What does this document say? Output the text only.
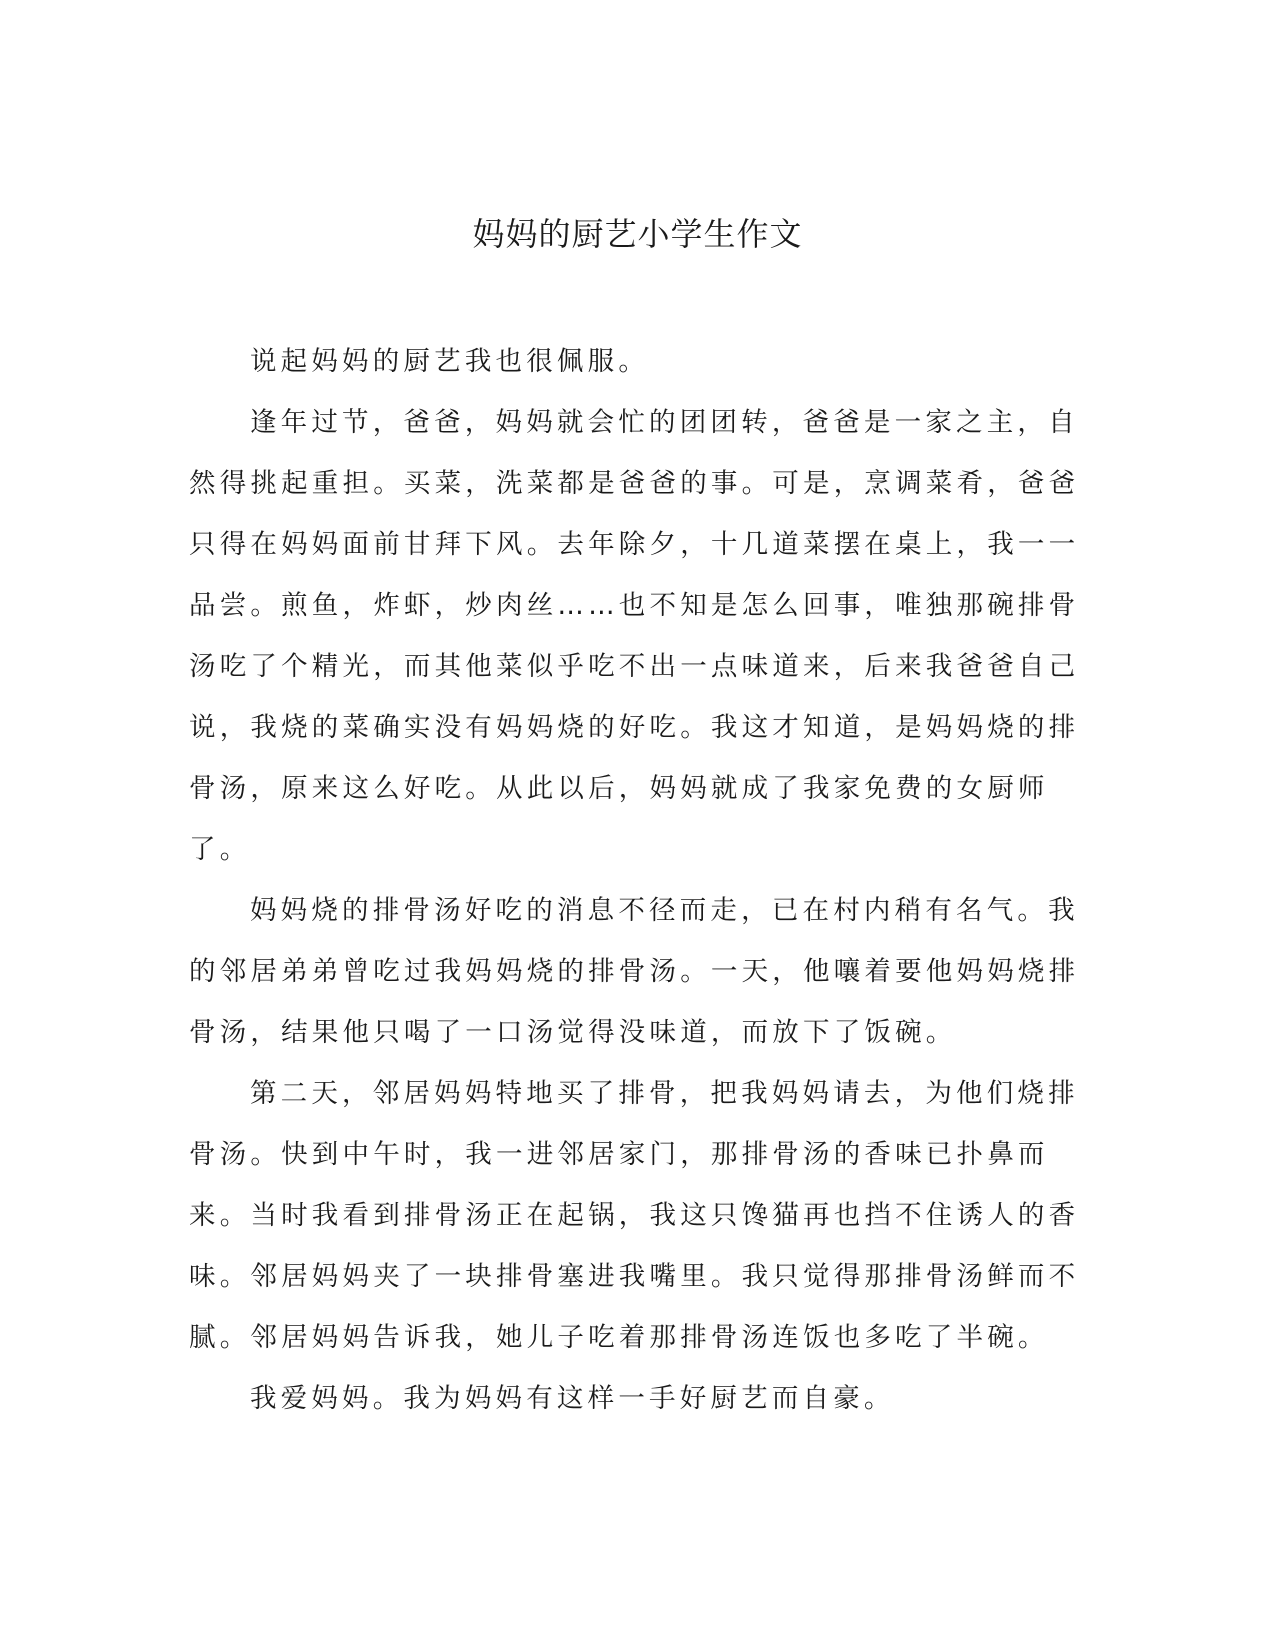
妈妈的厨艺小学生作文

说起妈妈的厨艺我也很佩服。

逢年过节，爸爸，妈妈就会忙的团团转，爸爸是一家之主，自然得挑起重担。买菜，洗菜都是爸爸的事。可是，烹调菜肴，爸爸只得在妈妈面前甘拜下风。去年除夕，十几道菜摆在桌上，我一一品尝。煎鱼，炸虾，炒肉丝……也不知是怎么回事，唯独那碗排骨汤吃了个精光，而其他菜似乎吃不出一点味道来，后来我爸爸自己说，我烧的菜确实没有妈妈烧的好吃。我这才知道，是妈妈烧的排骨汤，原来这么好吃。从此以后，妈妈就成了我家免费的女厨师了。

妈妈烧的排骨汤好吃的消息不径而走，已在村内稍有名气。我的邻居弟弟曾吃过我妈妈烧的排骨汤。一天，他嚷着要他妈妈烧排骨汤，结果他只喝了一口汤觉得没味道，而放下了饭碗。

第二天，邻居妈妈特地买了排骨，把我妈妈请去，为他们烧排骨汤。快到中午时，我一进邻居家门，那排骨汤的香味已扑鼻而来。当时我看到排骨汤正在起锅，我这只馋猫再也挡不住诱人的香味。邻居妈妈夹了一块排骨塞进我嘴里。我只觉得那排骨汤鲜而不腻。邻居妈妈告诉我，她儿子吃着那排骨汤连饭也多吃了半碗。

我爱妈妈。我为妈妈有这样一手好厨艺而自豪。
